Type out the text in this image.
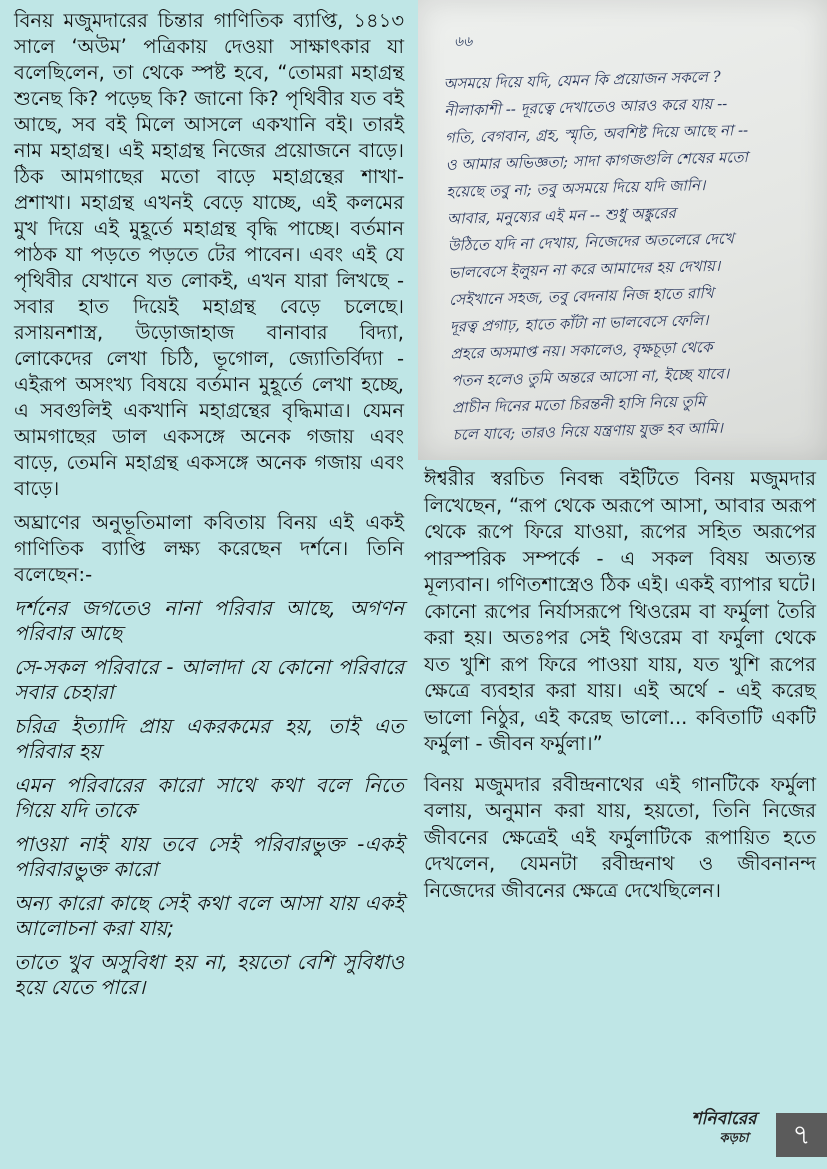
বিনয় মজুমদারের চিন্তার গাণিতিক ব্যাপ্তি, ১৪১৩ সালে ‘অউম’ পত্রিকায় দেওয়া সাক্ষাৎকার যা বলেছিলেন, তা থেকে স্পষ্ট হবে, “তোমরা মহাগ্রন্থ শুনেছ কি? পড়েছ কি? জানো কি? পৃথিবীর যত বই আছে, সব বই মিলে আসলে একখানি বই। তারই নাম মহাগ্রন্থ। এই মহাগ্রন্থ নিজের প্রয়োজনে বাড়ে। ঠিক আমগাছের মতো বাড়ে মহাগ্রন্থের শাখা-প্রশাখা। মহাগ্রন্থ এখনই বেড়ে যাচ্ছে, এই কলমের মুখ দিয়ে এই মুহূর্তে মহাগ্রন্থ বৃদ্ধি পাচ্ছে। বর্তমান পাঠক যা পড়তে পড়তে টের পাবেন। এবং এই যে পৃথিবীর যেখানে যত লোকই, এখন যারা লিখছে - সবার হাত দিয়েই মহাগ্রন্থ বেড়ে চলেছে। রসায়নশাস্ত্র, উড়োজাহাজ বানাবার বিদ্যা, লোকেদের লেখা চিঠি, ভূগোল, জ্যোতির্বিদ্যা - এইরূপ অসংখ্য বিষয়ে বর্তমান মুহূর্তে লেখা হচ্ছে, এ সবগুলিই একখানি মহাগ্রন্থের বৃদ্ধিমাত্র। যেমন আমগাছের ডাল একসঙ্গে অনেক গজায় এবং বাড়ে, তেমনি মহাগ্রন্থ একসঙ্গে অনেক গজায় এবং বাড়ে।

অঘ্রাণের অনুভূতিমালা কবিতায় বিনয় এই একই গাণিতিক ব্যাপ্তি লক্ষ্য করেছেন দর্শনে। তিনি বলেছেন:-

দর্শনের জগতেও নানা পরিবার আছে, অগণন পরিবার আছে

সে-সকল পরিবারে - আলাদা যে কোনো পরিবারে সবার চেহারা

চরিত্র ইত্যাদি প্রায় একরকমের হয়, তাই এত পরিবার হয়

এমন পরিবারের কারো সাথে কথা বলে নিতে গিয়ে যদি তাকে

পাওয়া নাই যায় তবে সেই পরিবারভুক্ত -একই পরিবারভুক্ত কারো

অন্য কারো কাছে সেই কথা বলে আসা যায় একই আলোচনা করা যায়;

তাতে খুব অসুবিধা হয় না, হয়তো বেশি সুবিধাও হয়ে যেতে পারে।

৬৬
অসময়ে দিয়ে যদি, যেমন কি প্রয়োজন সকলে ?
নীলাকাশী -- দূরত্বে দেখাতেও আরও করে যায় --
গতি, বেগবান, গ্রহ, স্মৃতি, অবশিষ্ট দিয়ে আছে না --
ও আমার অভিজ্ঞতা; সাদা কাগজগুলি শেষের মতো
হয়েছে তবু না; তবু অসময়ে দিয়ে যদি জানি।
আবার, মনুষ্যের এই মন -- শুধু অঙ্কুরের
উঠিতে যদি না দেখায়, নিজেদের অতলেরে দেখে
ভালবেসে ইলুয়ন না করে আমাদের হয় দেখায়।
সেইখানে সহজ, তবু বেদনায় নিজ হাতে রাখি
দূরত্ব প্রগাঢ়, হাতে কাঁটা না ভালবেসে ফেলি।
প্রহরে অসমাপ্ত নয়। সকালেও, বৃক্ষচূড়া থেকে
পতন হলেও তুমি অন্তরে আসো না, ইচ্ছে যাবে।
প্রাচীন দিনের মতো চিরন্তনী হাসি নিয়ে তুমি
চলে যাবে; তারও নিয়ে যন্ত্রণায় যুক্ত হব আমি।

ঈশ্বরীর স্বরচিত নিবন্ধ বইটিতে বিনয় মজুমদার লিখেছেন, “রূপ থেকে অরূপে আসা, আবার অরূপ থেকে রূপে ফিরে যাওয়া, রূপের সহিত অরূপের পারস্পরিক সম্পর্কে - এ সকল বিষয় অত্যন্ত মূল্যবান। গণিতশাস্ত্রেও ঠিক এই। একই ব্যাপার ঘটে। কোনো রূপের নির্যাসরূপে থিওরেম বা ফর্মুলা তৈরি করা হয়। অতঃপর সেই থিওরেম বা ফর্মুলা থেকে যত খুশি রূপ ফিরে পাওয়া যায়, যত খুশি রূপের ক্ষেত্রে ব্যবহার করা যায়। এই অর্থে - এই করেছ ভালো নিঠুর, এই করেছ ভালো... কবিতাটি একটি ফর্মুলা - জীবন ফর্মুলা।”

বিনয় মজুমদার রবীন্দ্রনাথের এই গানটিকে ফর্মুলা বলায়, অনুমান করা যায়, হয়তো, তিনি নিজের জীবনের ক্ষেত্রেই এই ফর্মুলাটিকে রূপায়িত হতে দেখলেন, যেমনটা রবীন্দ্রনাথ ও জীবনানন্দ নিজেদের জীবনের ক্ষেত্রে দেখেছিলেন।

শনিবারের
কড়চা	৭
